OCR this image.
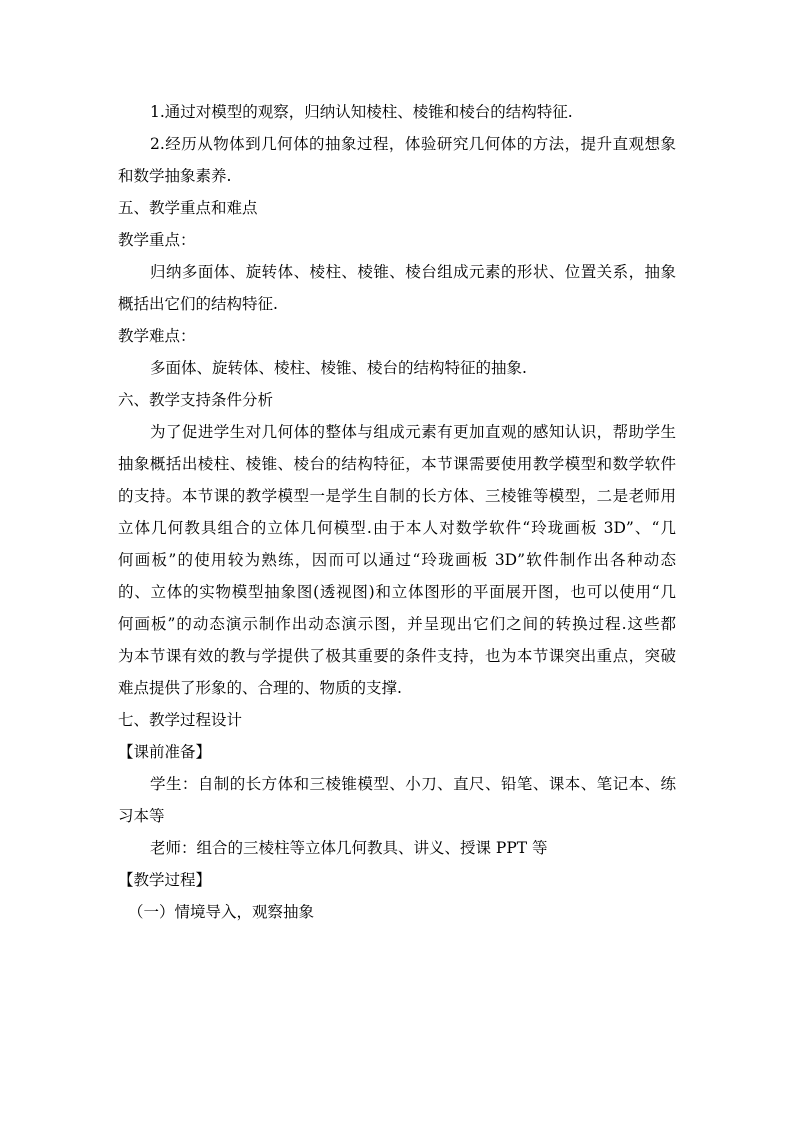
1.通过对模型的观察，归纳认知棱柱、棱锥和棱台的结构特征.
2.经历从物体到几何体的抽象过程，体验研究几何体的方法，提升直观想象
和数学抽象素养.
五、教学重点和难点
教学重点：
归纳多面体、旋转体、棱柱、棱锥、棱台组成元素的形状、位置关系，抽象
概括出它们的结构特征.
教学难点：
多面体、旋转体、棱柱、棱锥、棱台的结构特征的抽象.
六、教学支持条件分析
为了促进学生对几何体的整体与组成元素有更加直观的感知认识，帮助学生
抽象概括出棱柱、棱锥、棱台的结构特征，本节课需要使用教学模型和数学软件
的支持。本节课的教学模型一是学生自制的长方体、三棱锥等模型，二是老师用
立体几何教具组合的立体几何模型.由于本人对数学软件“玲珑画板 3D”、“几
何画板”的使用较为熟练，因而可以通过“玲珑画板 3D”软件制作出各种动态
的、立体的实物模型抽象图(透视图)和立体图形的平面展开图，也可以使用“几
何画板”的动态演示制作出动态演示图，并呈现出它们之间的转换过程.这些都
为本节课有效的教与学提供了极其重要的条件支持，也为本节课突出重点，突破
难点提供了形象的、合理的、物质的支撑.
七、教学过程设计
【课前准备】
学生：自制的长方体和三棱锥模型、小刀、直尺、铅笔、课本、笔记本、练
习本等
老师：组合的三棱柱等立体几何教具、讲义、授课 PPT 等
【教学过程】
（一）情境导入，观察抽象
